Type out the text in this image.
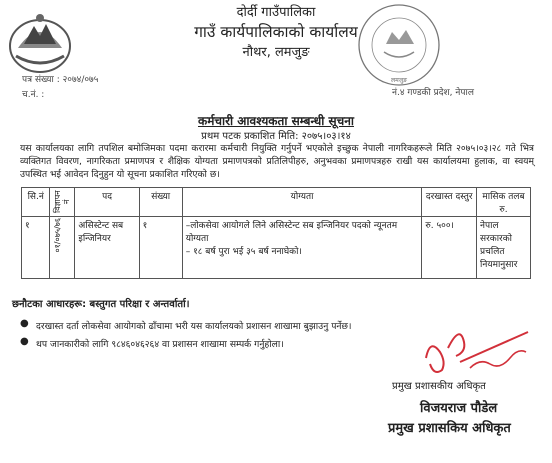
लमजुङ
दोर्दी गाउँपालिका
गाउँ कार्यपालिकाको कार्यालय
नौथर, लमजुङ
पत्र संख्या : २०७४/०७५
च.नं. :	नं.४ गण्डकी प्रदेश, नेपाल
कर्मचारी आवश्यकता सम्बन्धी सूचना
प्रथम पटक प्रकाशित मिति: २०७५।०३।१४
यस कार्यालयका लागि तपशिल बमोजिमका पदमा करारमा कर्मचारी नियुक्ति गर्नुपर्ने भएकोले इच्छुक नेपाली नागरिकहरूले मिति २०७५।०३।२८ गते भित्र व्यक्तिगत विवरण, नागरिकता प्रमाणपत्र र शैक्षिक योग्यता प्रमाणपत्रको प्रतिलिपीहरु, अनुभवका प्रमाणपत्रहरु राखी यस कार्यालयमा हुलाक, वा स्वयम् उपस्थित भई आवेदन दिनुहुन यो सूचना प्रकाशित गरिएको छ।
सि.नं	विज्ञापन नं	पद	संख्या	योग्यता	दरखास्त दस्तुर	मासिक तलब रु.
१	०१/०७५/७६	असिस्टेन्ट सब इन्जिनियर	१	–लोकसेवा आयोगले लिने असिस्टेन्ट सब इन्जिनियर पदको न्यूनतम योग्यता
– १८ बर्ष पुरा भई ३५ बर्ष ननाघेको।	रु. ५००।	नेपाल सरकारको प्रचलित नियमानुसार
छनौटका आधारहरू: बस्तुगत परिक्षा र अन्तर्वार्ता।
● दरखास्त दर्ता लोकसेवा आयोगको ढाँचामा भरी यस कार्यालयको प्रशासन शाखामा बुझाउनु पर्नेछ।
● थप जानकारीको लागि ९८४६०४६२६४ वा प्रशासन शाखामा सम्पर्क गर्नुहोला।
प्रमुख प्रशासकीय अधिकृत
विजयराज पौडेल
प्रमुख प्रशासकिय अधिकृत
